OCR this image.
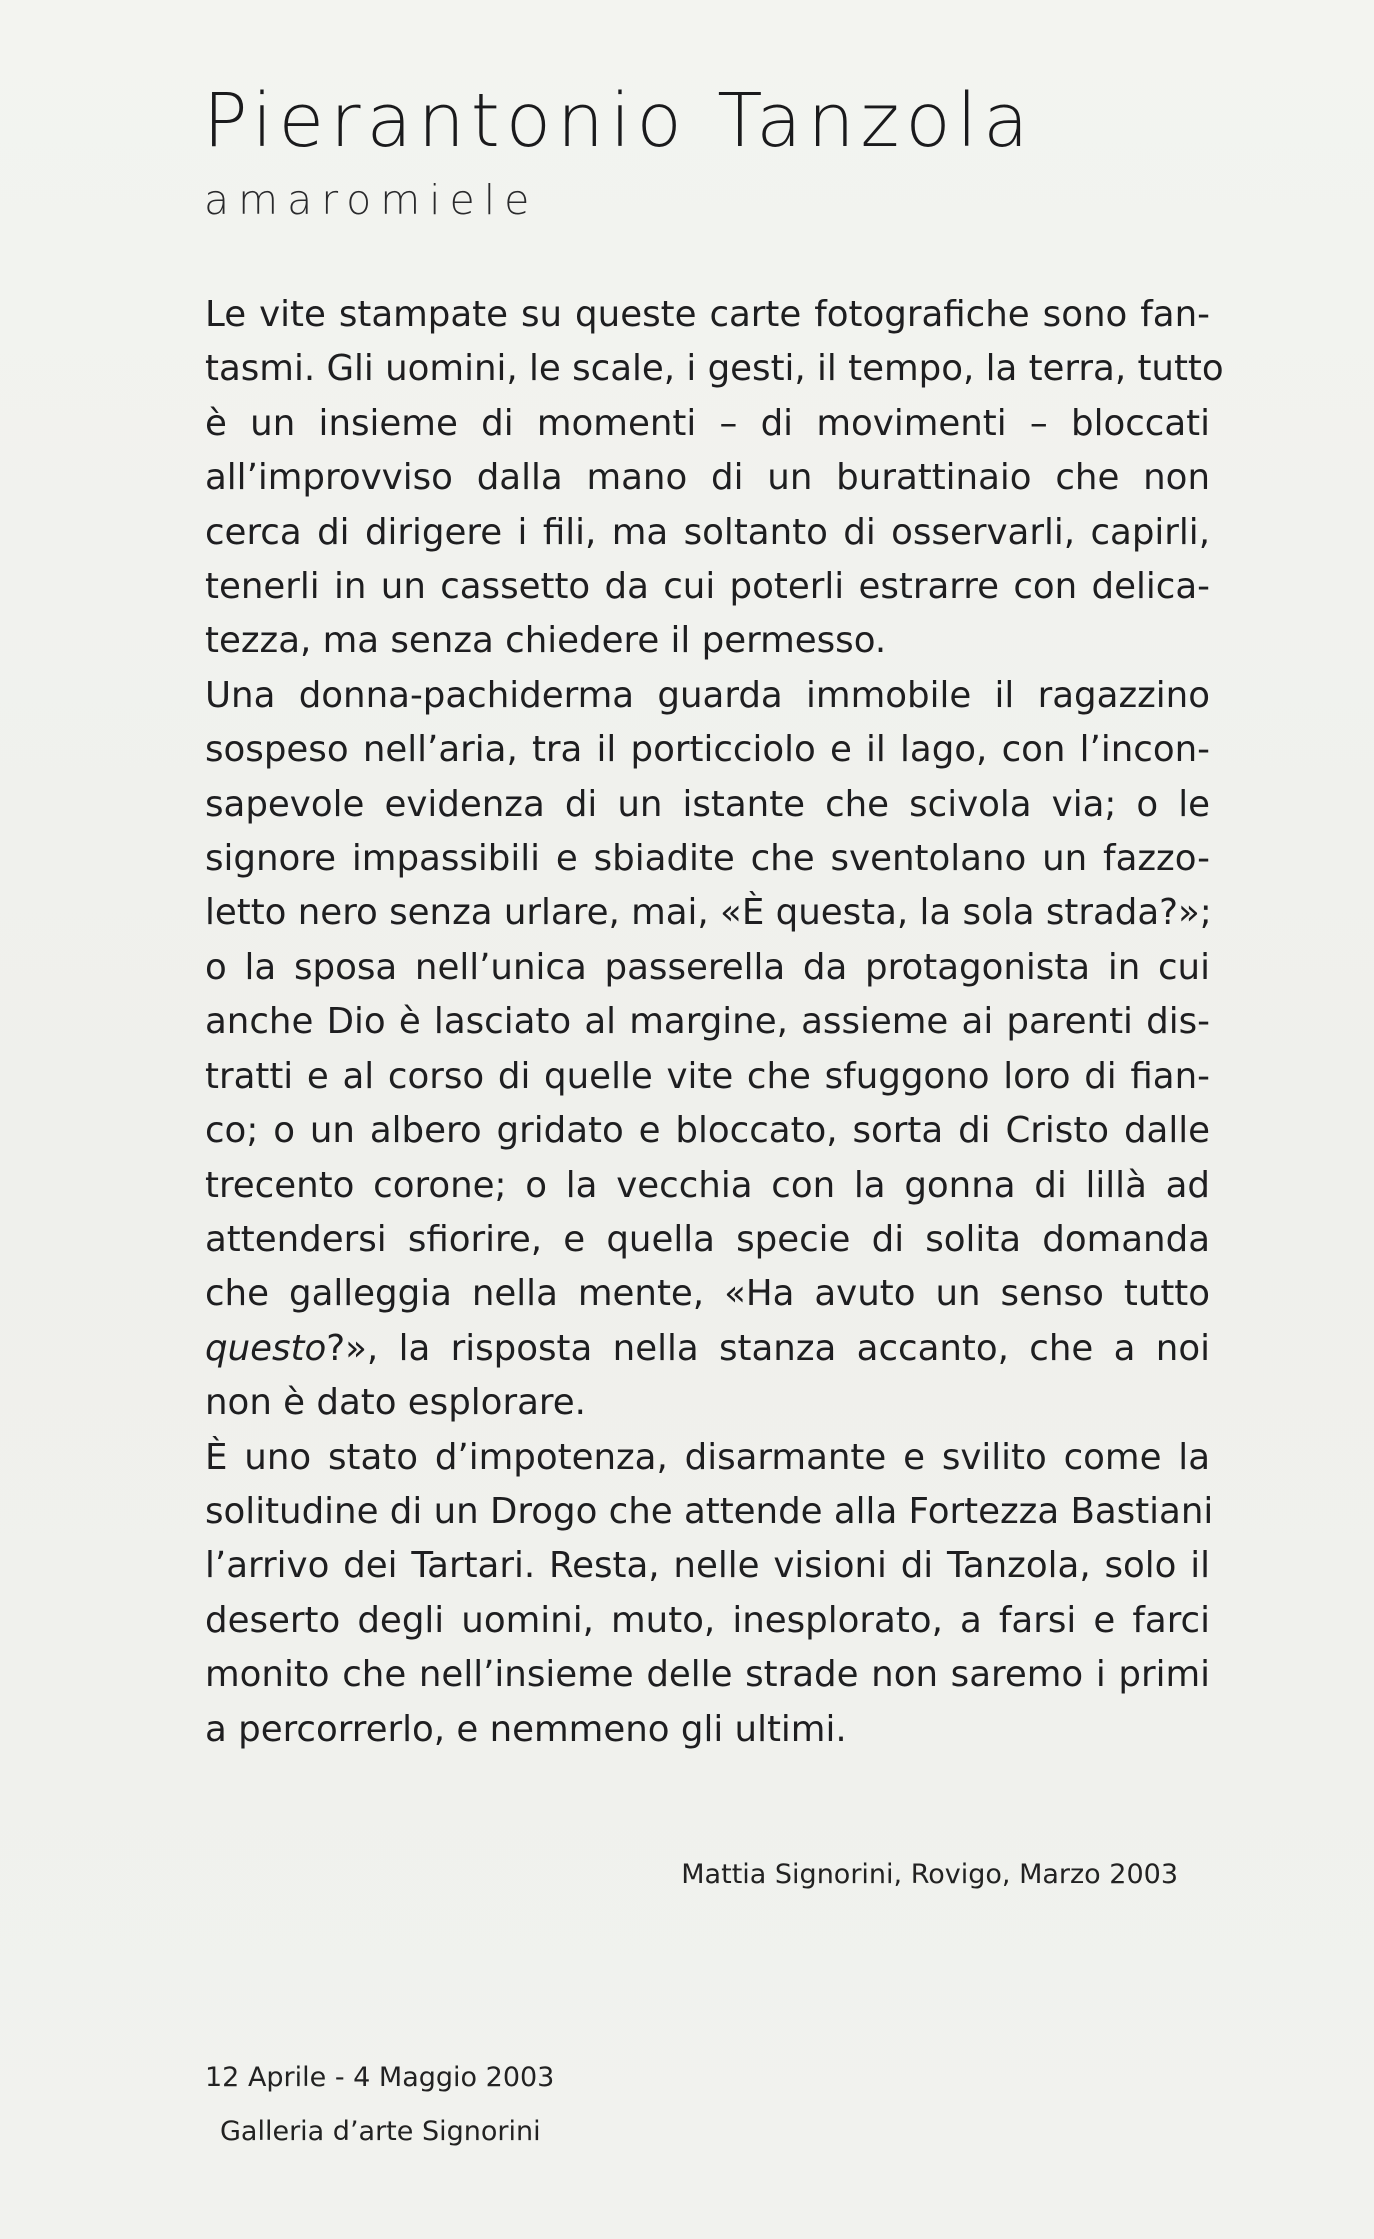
Pierantonio Tanzola
amaromiele
Le vite stampate su queste carte fotografiche sono fan-
tasmi. Gli uomini, le scale, i gesti, il tempo, la terra, tutto
è un insieme di momenti – di movimenti – bloccati
all’improvviso dalla mano di un burattinaio che non
cerca di dirigere i fili, ma soltanto di osservarli, capirli,
tenerli in un cassetto da cui poterli estrarre con delica-
tezza, ma senza chiedere il permesso.
Una donna-pachiderma guarda immobile il ragazzino
sospeso nell’aria, tra il porticciolo e il lago, con l’incon-
sapevole evidenza di un istante che scivola via; o le
signore impassibili e sbiadite che sventolano un fazzo-
letto nero senza urlare, mai, «È questa, la sola strada?»;
o la sposa nell’unica passerella da protagonista in cui
anche Dio è lasciato al margine, assieme ai parenti dis-
tratti e al corso di quelle vite che sfuggono loro di fian-
co; o un albero gridato e bloccato, sorta di Cristo dalle
trecento corone; o la vecchia con la gonna di lillà ad
attendersi sfiorire, e quella specie di solita domanda
che galleggia nella mente, «Ha avuto un senso tutto
questo?», la risposta nella stanza accanto, che a noi
non è dato esplorare.
È uno stato d’impotenza, disarmante e svilito come la
solitudine di un Drogo che attende alla Fortezza Bastiani
l’arrivo dei Tartari. Resta, nelle visioni di Tanzola, solo il
deserto degli uomini, muto, inesplorato, a farsi e farci
monito che nell’insieme delle strade non saremo i primi
a percorrerlo, e nemmeno gli ultimi.

Mattia Signorini, Rovigo, Marzo 2003

12 Aprile - 4 Maggio 2003

Galleria d’arte Signorini
